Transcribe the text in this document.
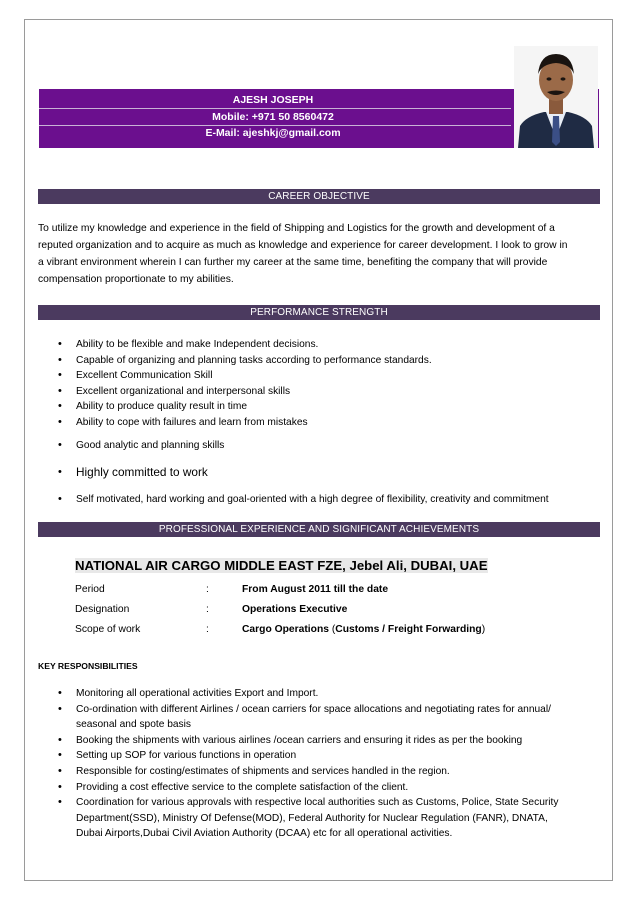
AJESH JOSEPH
Mobile: +971 50 8560472
E-Mail: ajeshkj@gmail.com
CAREER OBJECTIVE
To utilize my knowledge and experience in the field of Shipping and Logistics for the growth and development of a
reputed organization and to acquire as much as knowledge and experience for career development. I look to grow in
a vibrant environment wherein I can further my career at the same time, benefiting the company that will provide
compensation proportionate to my abilities.
PERFORMANCE STRENGTH
• Ability to be flexible and make Independent decisions.
• Capable of organizing and planning tasks according to performance standards.
• Excellent Communication Skill
• Excellent organizational and interpersonal skills
• Ability to produce quality result in time
• Ability to cope with failures and learn from mistakes
• Good analytic and planning skills
• Highly committed to work
• Self motivated, hard working and goal-oriented with a high degree of flexibility, creativity and commitment
PROFESSIONAL EXPERIENCE AND SIGNIFICANT ACHIEVEMENTS
NATIONAL AIR CARGO MIDDLE EAST FZE, Jebel Ali, DUBAI, UAE
Period	:	From August 2011 till the date
Designation	:	Operations Executive
Scope of work	:	Cargo Operations (Customs / Freight Forwarding)
KEY RESPONSIBILITIES
• Monitoring all operational activities Export and Import.
• Co-ordination with different Airlines / ocean carriers for space allocations and negotiating rates for annual/
seasonal and spote basis
• Booking the shipments with various airlines /ocean carriers and ensuring it rides as per the booking
• Setting up SOP for various functions in operation
• Responsible for costing/estimates of shipments and services handled in the region.
• Providing a cost effective service to the complete satisfaction of the client.
• Coordination for various approvals with respective local authorities such as Customs, Police, State Security
Department(SSD), Ministry Of Defense(MOD), Federal Authority for Nuclear Regulation (FANR), DNATA,
Dubai Airports,Dubai Civil Aviation Authority (DCAA) etc for all operational activities.
